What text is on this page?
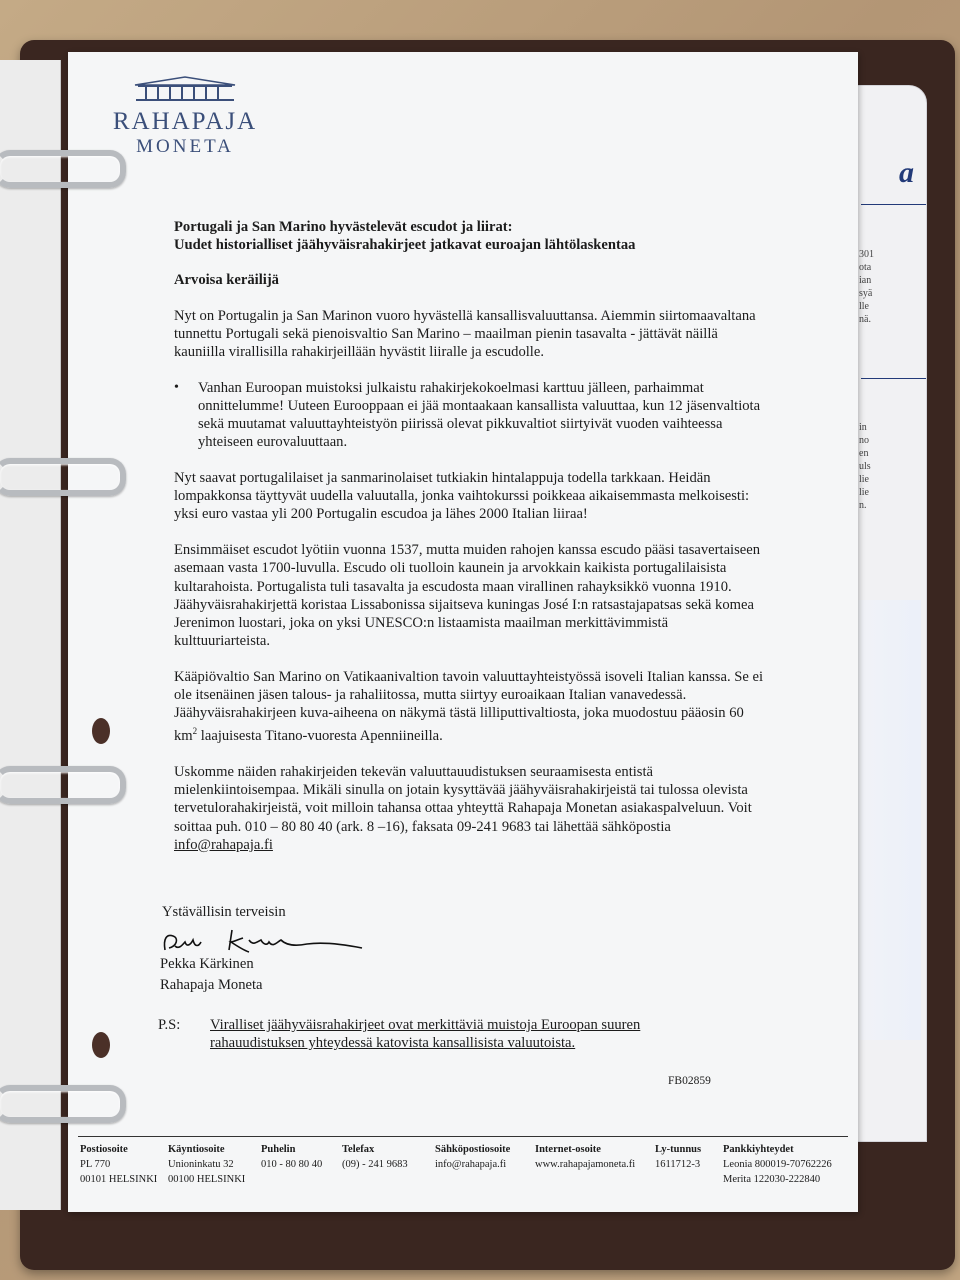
a
301
ota
ian
syä
lle
nä.
in
no
en
uls
lie
lie
n.
RAHAPAJA
MONETA
Portugali ja San Marino hyvästelevät escudot ja liirat:
Uudet historialliset jäähyväisrahakirjeet jatkavat euroajan lähtölaskentaa
Arvoisa keräilijä

Nyt on Portugalin ja San Marinon vuoro hyvästellä kansallisvaluuttansa. Aiemmin siirtomaavaltana tunnettu Portugali sekä pienoisvaltio San Marino – maailman pienin tasavalta - jättävät näillä kauniilla virallisilla rahakirjeillään hyvästit liiralle ja escudolle.

•	Vanhan Euroopan muistoksi julkaistu rahakirjekokoelmasi karttuu jälleen, parhaimmat onnittelumme! Uuteen Eurooppaan ei jää montaakaan kansallista valuuttaa, kun 12 jäsenvaltiota sekä muutamat valuuttayhteistyön piirissä olevat pikkuvaltiot siirtyivät vuoden vaihteessa yhteiseen eurovaluuttaan.

Nyt saavat portugalilaiset ja sanmarinolaiset tutkiakin hintalappuja todella tarkkaan. Heidän lompakkonsa täyttyvät uudella valuutalla, jonka vaihtokurssi poikkeaa aikaisemmasta melkoisesti: yksi euro vastaa yli 200 Portugalin escudoa ja lähes 2000 Italian liiraa!

Ensimmäiset escudot lyötiin vuonna 1537, mutta muiden rahojen kanssa escudo pääsi tasavertaiseen asemaan vasta 1700-luvulla. Escudo oli tuolloin kaunein ja arvokkain kaikista portugalilaisista kultarahoista. Portugalista tuli tasavalta ja escudosta maan virallinen rahayksikkö vuonna 1910. Jäähyväisrahakirjettä koristaa Lissabonissa sijaitseva kuningas José I:n ratsastajapatsas sekä komea Jerenimon luostari, joka on yksi UNESCO:n listaamista maailman merkittävimmistä kulttuuriarteista.

Kääpiövaltio San Marino on Vatikaanivaltion tavoin valuuttayhteistyössä isoveli Italian kanssa. Se ei ole itsenäinen jäsen talous- ja rahaliitossa, mutta siirtyy euroaikaan Italian vanavedessä. Jäähyväisrahakirjeen kuva-aiheena on näkymä tästä lilliputtivaltiosta, joka muodostuu pääosin 60 $km^2$ laajuisesta Titano-vuoresta Apenniineilla.

Uskomme näiden rahakirjeiden tekevän valuuttauudistuksen seuraamisesta entistä mielenkiintoisempaa. Mikäli sinulla on jotain kysyttävää jäähyväisrahakirjeistä tai tulossa olevista tervetulorahakirjeistä, voit milloin tahansa ottaa yhteyttä Rahapaja Monetan asiakaspalveluun. Voit soittaa puh. 010 – 80 80 40 (ark. 8 –16), faksata 09-241 9683 tai lähettää sähköpostia info@rahapaja.fi

Ystävällisin terveisin
Pekka Kärkinen
Rahapaja Moneta
P.S:	Viralliset jäähyväisrahakirjeet ovat merkittäviä muistoja Euroopan suuren rahauudistuksen yhteydessä katovista kansallisista valuutoista.
FB02859
Postiosoite
PL 770
00101 HELSINKI
Käyntiosoite
Unioninkatu 32
00100 HELSINKI
Puhelin
010 - 80 80 40
Telefax
(09) - 241 9683
Sähköpostiosoite
info@rahapaja.fi
Internet-osoite
www.rahapajamoneta.fi
Ly-tunnus
1611712-3
Pankkiyhteydet
Leonia 800019-70762226
Merita 122030-222840
